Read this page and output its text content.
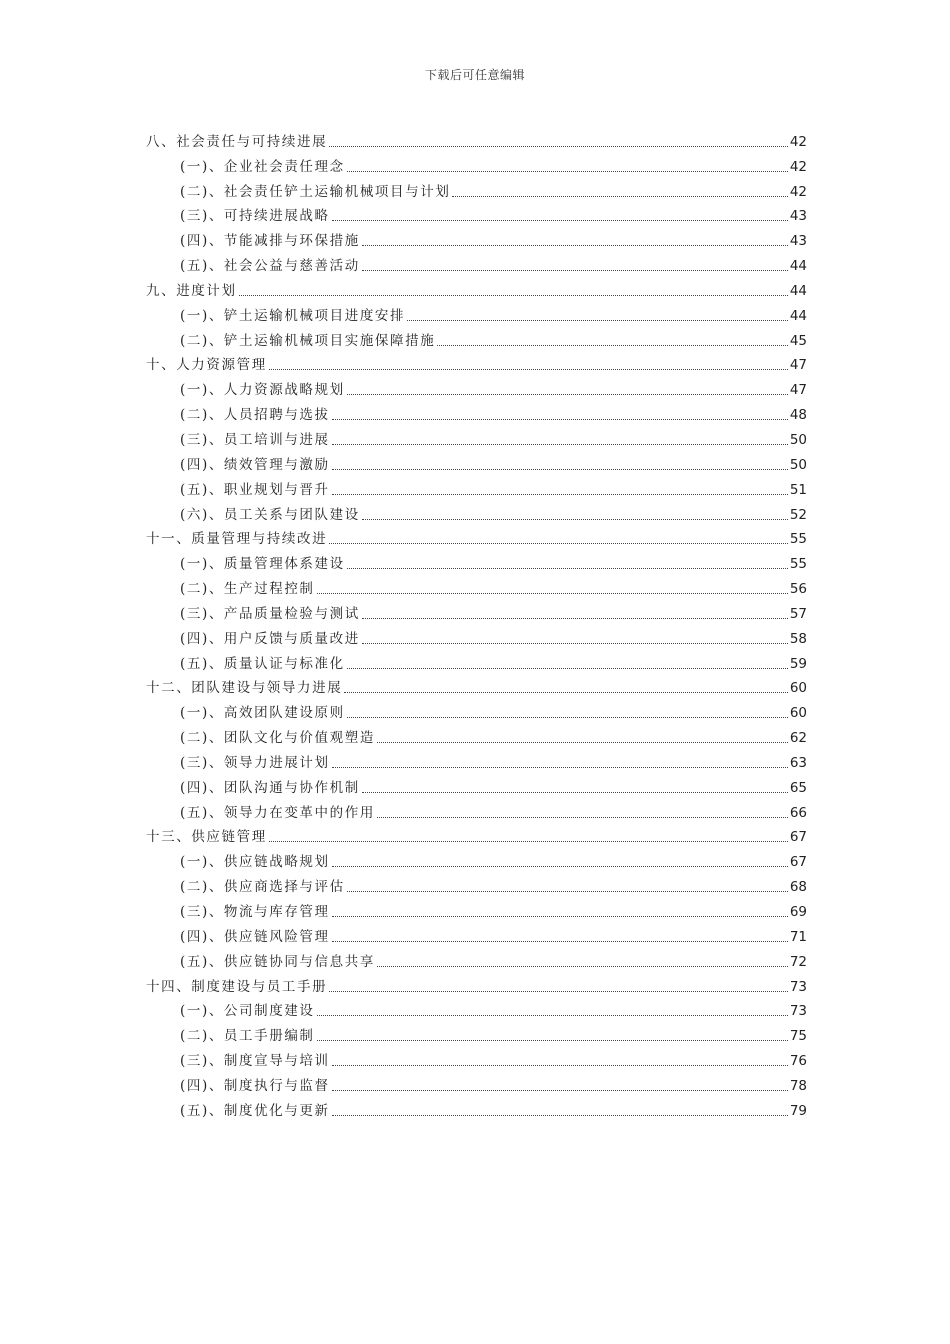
下载后可任意编辑
八、社会责任与可持续进展	42
(一)、企业社会责任理念	42
(二)、社会责任铲土运输机械项目与计划	42
(三)、可持续进展战略	43
(四)、节能减排与环保措施	43
(五)、社会公益与慈善活动	44
九、进度计划	44
(一)、铲土运输机械项目进度安排	44
(二)、铲土运输机械项目实施保障措施	45
十、人力资源管理	47
(一)、人力资源战略规划	47
(二)、人员招聘与选拔	48
(三)、员工培训与进展	50
(四)、绩效管理与激励	50
(五)、职业规划与晋升	51
(六)、员工关系与团队建设	52
十一、质量管理与持续改进	55
(一)、质量管理体系建设	55
(二)、生产过程控制	56
(三)、产品质量检验与测试	57
(四)、用户反馈与质量改进	58
(五)、质量认证与标准化	59
十二、团队建设与领导力进展	60
(一)、高效团队建设原则	60
(二)、团队文化与价值观塑造	62
(三)、领导力进展计划	63
(四)、团队沟通与协作机制	65
(五)、领导力在变革中的作用	66
十三、供应链管理	67
(一)、供应链战略规划	67
(二)、供应商选择与评估	68
(三)、物流与库存管理	69
(四)、供应链风险管理	71
(五)、供应链协同与信息共享	72
十四、制度建设与员工手册	73
(一)、公司制度建设	73
(二)、员工手册编制	75
(三)、制度宣导与培训	76
(四)、制度执行与监督	78
(五)、制度优化与更新	79
